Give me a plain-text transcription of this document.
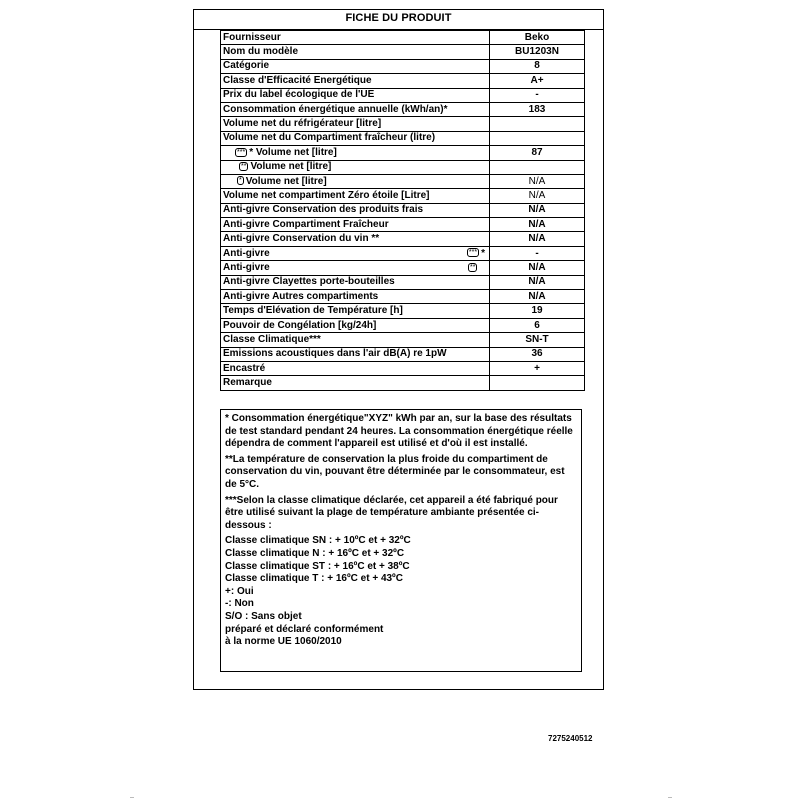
FICHE DU PRODUIT
Fournisseur	Beko
Nom du modèle	BU1203N
Catégorie	8
Classe d'Efficacité Energétique	A+
Prix du label écologique de l'UE	-
Consommation énergétique annuelle (kWh/an)*	183
Volume net du réfrigérateur [litre]	
Volume net du Compartiment fraîcheur (litre)	
*** * Volume net [litre]	87
** Volume net [litre]	
* Volume net [litre]	N/A
Volume net compartiment Zéro étoile [Litre]	N/A
Anti-givre Conservation des produits frais	N/A
Anti-givre Compartiment Fraîcheur	N/A
Anti-givre Conservation du vin **	N/A
Anti-givre *** *	-
Anti-givre **	N/A
Anti-givre Clayettes porte-bouteilles	N/A
Anti-givre Autres compartiments	N/A
Temps d'Elévation de Température [h]	19
Pouvoir de Congélation [kg/24h]	6
Classe Climatique***	SN-T
Emissions acoustiques dans l'air dB(A) re 1pW	36
Encastré	+
Remarque	

* Consommation énergétique"XYZ" kWh par an, sur la base des résultats de test standard pendant 24 heures. La consommation énergétique réelle dépendra de comment l'appareil est utilisé et d'où il est installé.

**La température de conservation la plus froide du compartiment de conservation du vin, pouvant être déterminée par le consommateur, est de 5°C.

***Selon la classe climatique déclarée, cet appareil a été fabriqué pour être utilisé suivant la plage de température ambiante présentée ci-dessous :

Classe climatique SN : + 10ºC et + 32ºC
Classe climatique N : + 16ºC et + 32ºC
Classe climatique ST : + 16ºC et + 38ºC
Classe climatique T : + 16ºC et + 43ºC
+: Oui
-: Non
S/O : Sans objet
préparé et déclaré conformément
à la norme UE 1060/2010
7275240512
